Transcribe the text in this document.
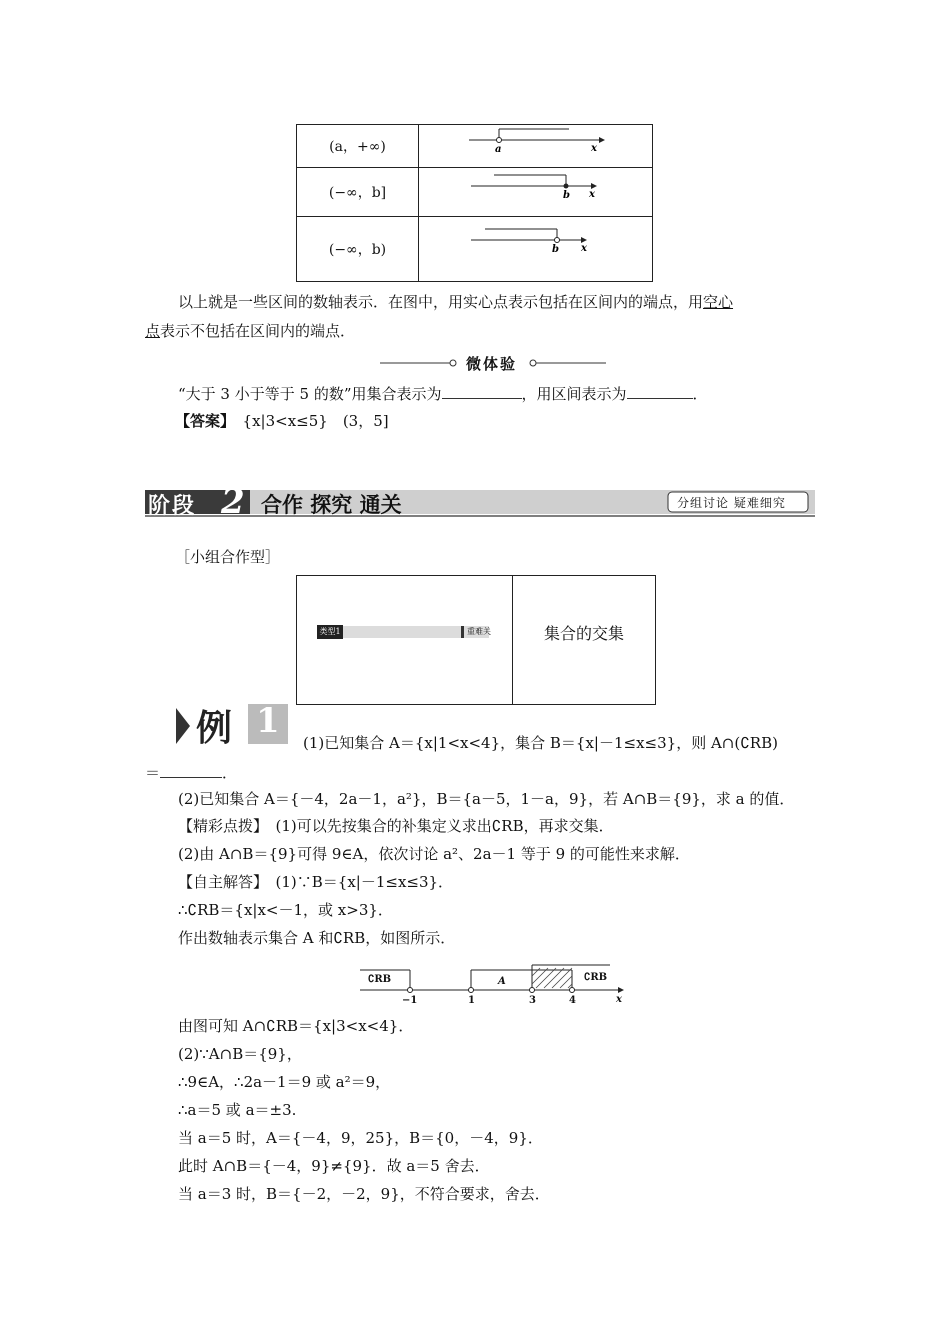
(a，+∞)	a x

(−∞，b]	b x

(−∞，b)	b x
以上就是一些区间的数轴表示．在图中，用实心点表示包括在区间内的端点，用空心
点表示不包括在区间内的端点．
微体验
“大于 3 小于等于 5 的数”用集合表示为	，用区间表示为	．
【答案】　 {x|3<x≤5}　(3，5]
阶段 2 合作 探究 通关	分组讨论 疑难细究
［小组合作型］
类型1	重难关	集合的交集
例 1
(1)已知集合 A＝{x|1<x<4}，集合 B＝{x|－1≤x≤3}，则 A∩(∁RB)
＝	．
(2)已知集合 A＝{－4，2a－1，a²}，B＝{a－5，1－a，9}，若 A∩B＝{9}，求 a 的值．
【精彩点拨】　(1)可以先按集合的补集定义求出∁RB，再求交集．
(2)由 A∩B＝{9}可得 9∈A，依次讨论 a²、2a－1 等于 9 的可能性来求解．
【自主解答】　(1)∵B＝{x|－1≤x≤3}．
∴∁RB＝{x|x<－1，或 x>3}．
作出数轴表示集合 A 和∁RB，如图所示．
∁RB	A	∁RB
−1	1	3	4	x
由图可知 A∩∁RB＝{x|3<x<4}．
(2)∵A∩B＝{9}，
∴9∈A，∴2a－1＝9 或 a²＝9，
∴a＝5 或 a＝±3.
当 a＝5 时，A＝{－4，9，25}，B＝{0，－4，9}．
此时 A∩B＝{－4，9}≠{9}．故 a＝5 舍去．
当 a＝3 时，B＝{－2，－2，9}，不符合要求，舍去．
